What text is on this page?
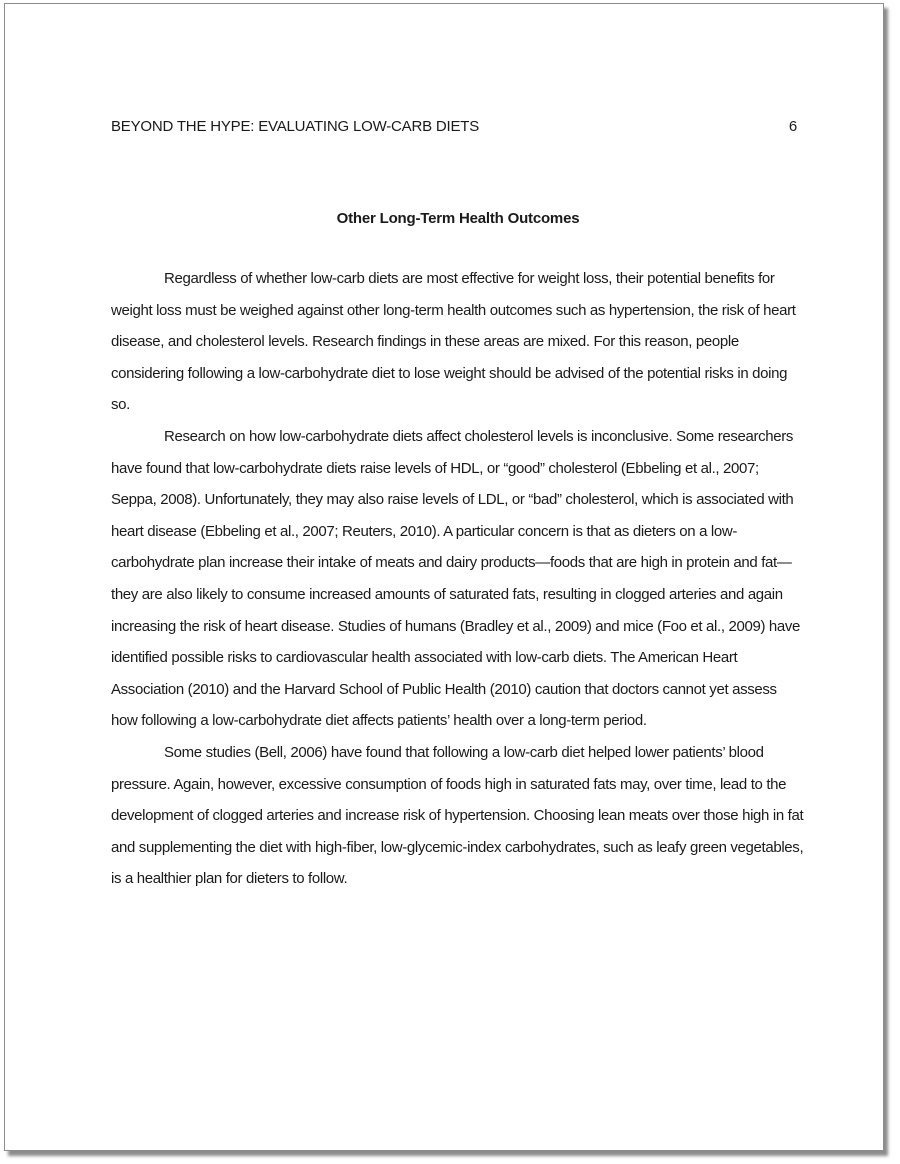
BEYOND THE HYPE: EVALUATING LOW-CARB DIETS	6
Other Long-Term Health Outcomes

Regardless of whether low-carb diets are most effective for weight loss, their potential benefits for weight loss must be weighed against other long-term health outcomes such as hypertension, the risk of heart disease, and cholesterol levels. Research findings in these areas are mixed. For this reason, people considering following a low-carbohydrate diet to lose weight should be advised of the potential risks in doing so.

Research on how low-carbohydrate diets affect cholesterol levels is inconclusive. Some researchers have found that low-carbohydrate diets raise levels of HDL, or “good” cholesterol (Ebbeling et al., 2007; Seppa, 2008). Unfortunately, they may also raise levels of LDL, or “bad” cholesterol, which is associated with heart disease (Ebbeling et al., 2007; Reuters, 2010). A particular concern is that as dieters on a low-carbohydrate plan increase their intake of meats and dairy products—foods that are high in protein and fat—they are also likely to consume increased amounts of saturated fats, resulting in clogged arteries and again increasing the risk of heart disease. Studies of humans (Bradley et al., 2009) and mice (Foo et al., 2009) have identified possible risks to cardiovascular health associated with low-carb diets. The American Heart Association (2010) and the Harvard School of Public Health (2010) caution that doctors cannot yet assess how following a low-carbohydrate diet affects patients’ health over a long-term period.

Some studies (Bell, 2006) have found that following a low-carb diet helped lower patients’ blood pressure. Again, however, excessive consumption of foods high in saturated fats may, over time, lead to the development of clogged arteries and increase risk of hypertension. Choosing lean meats over those high in fat and supplementing the diet with high-fiber, low-glycemic-index carbohydrates, such as leafy green vegetables, is a healthier plan for dieters to follow.
